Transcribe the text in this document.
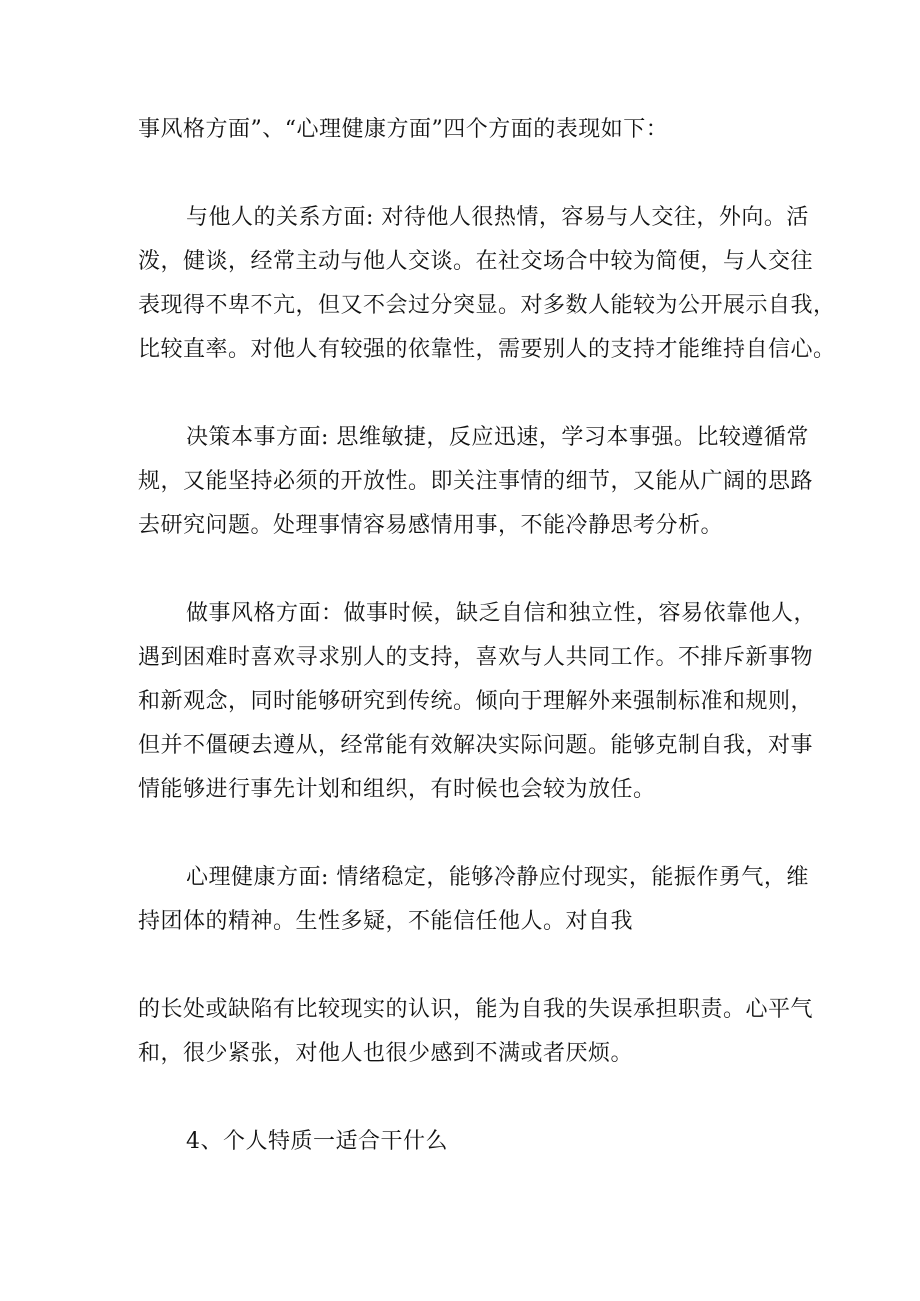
事风格方面”、“心理健康方面”四个方面的表现如下：
与他人的关系方面: 对待他人很热情，容易与人交往，外向。活
泼，健谈，经常主动与他人交谈。在社交场合中较为简便，与人交往
表现得不卑不亢，但又不会过分突显。对多数人能较为公开展示自我，
比较直率。对他人有较强的依靠性，需要别人的支持才能维持自信心。
决策本事方面: 思维敏捷，反应迅速，学习本事强。比较遵循常
规，又能坚持必须的开放性。即关注事情的细节，又能从广阔的思路
去研究问题。处理事情容易感情用事，不能冷静思考分析。
做事风格方面：做事时候，缺乏自信和独立性，容易依靠他人，
遇到困难时喜欢寻求别人的支持，喜欢与人共同工作。不排斥新事物
和新观念，同时能够研究到传统。倾向于理解外来强制标准和规则，
但并不僵硬去遵从，经常能有效解决实际问题。能够克制自我，对事
情能够进行事先计划和组织，有时候也会较为放任。
心理健康方面: 情绪稳定，能够冷静应付现实，能振作勇气，维
持团体的精神。生性多疑，不能信任他人。对自我
的长处或缺陷有比较现实的认识，能为自我的失误承担职责。心平气
和，很少紧张，对他人也很少感到不满或者厌烦。
4、个人特质一适合干什么
